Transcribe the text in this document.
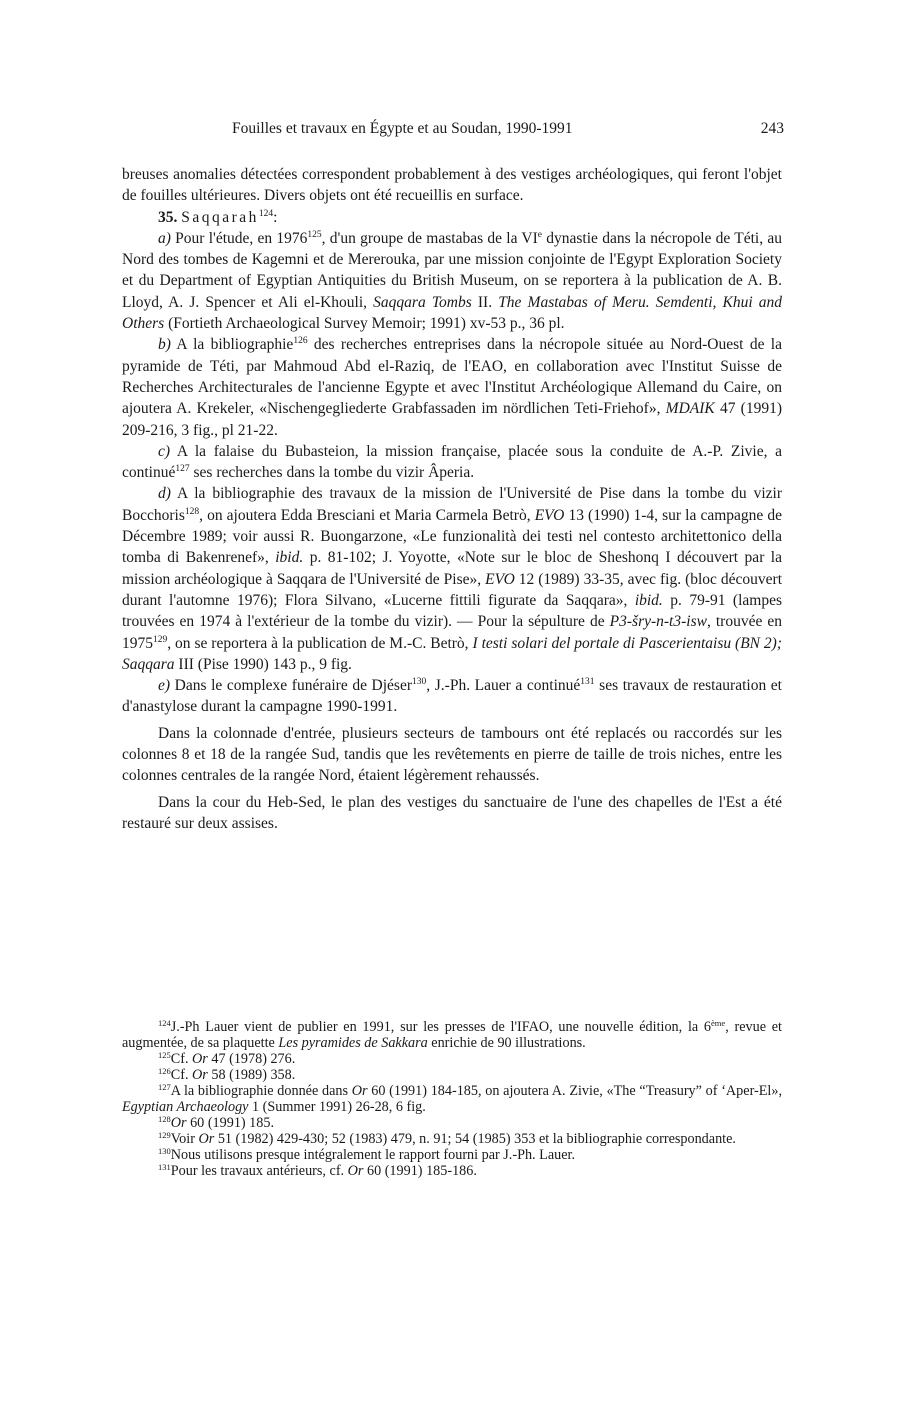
Fouilles et travaux en Égypte et au Soudan, 1990-1991	243

breuses anomalies détectées correspondent probablement à des vestiges archéologiques, qui feront l'objet de fouilles ultérieures. Divers objets ont été recueillis en surface.

35. Saqqarah$^{124}$:

a) Pour l'étude, en 1976$^{125}$, d'un groupe de mastabas de la VIe dynastie dans la nécropole de Téti, au Nord des tombes de Kagemni et de Mererouka, par une mission conjointe de l'Egypt Exploration Society et du Department of Egyptian Antiquities du British Museum, on se reportera à la publication de A. B. Lloyd, A. J. Spencer et Ali el-Khouli, Saqqara Tombs II. The Mastabas of Meru. Semdenti, Khui and Others (Fortieth Archaeological Survey Memoir; 1991) xv-53 p., 36 pl.

b) A la bibliographie$^{126}$ des recherches entreprises dans la nécropole située au Nord-Ouest de la pyramide de Téti, par Mahmoud Abd el-Raziq, de l'EAO, en collaboration avec l'Institut Suisse de Recherches Architecturales de l'ancienne Egypte et avec l'Institut Archéologique Allemand du Caire, on ajoutera A. Krekeler, «Nischengegliederte Grabfassaden im nördlichen Teti-Friehof», MDAIK 47 (1991) 209-216, 3 fig., pl 21-22.

c) A la falaise du Bubasteion, la mission française, placée sous la conduite de A.-P. Zivie, a continué$^{127}$ ses recherches dans la tombe du vizir Âperia.

d) A la bibliographie des travaux de la mission de l'Université de Pise dans la tombe du vizir Bocchoris$^{128}$, on ajoutera Edda Bresciani et Maria Carmela Betrò, EVO 13 (1990) 1-4, sur la campagne de Décembre 1989; voir aussi R. Buongarzone, «Le funzionalità dei testi nel contesto architettonico della tomba di Bakenrenef», ibid. p. 81-102; J. Yoyotte, «Note sur le bloc de Sheshonq I découvert par la mission archéologique à Saqqara de l'Université de Pise», EVO 12 (1989) 33-35, avec fig. (bloc découvert durant l'automne 1976); Flora Silvano, «Lucerne fittili figurate da Saqqara», ibid. p. 79-91 (lampes trouvées en 1974 à l'extérieur de la tombe du vizir). — Pour la sépulture de P3-šry-n-t3-isw, trouvée en 1975$^{129}$, on se reportera à la publication de M.-C. Betrò, I testi solari del portale di Pascerientaisu (BN 2); Saqqara III (Pise 1990) 143 p., 9 fig.

e) Dans le complexe funéraire de Djéser$^{130}$, J.-Ph. Lauer a continué$^{131}$ ses travaux de restauration et d'anastylose durant la campagne 1990-1991.

Dans la colonnade d'entrée, plusieurs secteurs de tambours ont été replacés ou raccordés sur les colonnes 8 et 18 de la rangée Sud, tandis que les revêtements en pierre de taille de trois niches, entre les colonnes centrales de la rangée Nord, étaient légèrement rehaussés.

Dans la cour du Heb-Sed, le plan des vestiges du sanctuaire de l'une des chapelles de l'Est a été restauré sur deux assises.

$^{124}$J.-Ph Lauer vient de publier en 1991, sur les presses de l'IFAO, une nouvelle édition, la 6ème, revue et augmentée, de sa plaquette Les pyramides de Sakkara enrichie de 90 illustrations.

$^{125}$Cf. Or 47 (1978) 276.

$^{126}$Cf. Or 58 (1989) 358.

$^{127}$A la bibliographie donnée dans Or 60 (1991) 184-185, on ajoutera A. Zivie, «The “Treasury” of ‘Aper-El», Egyptian Archaeology 1 (Summer 1991) 26-28, 6 fig.

$^{128}$Or 60 (1991) 185.

$^{129}$Voir Or 51 (1982) 429-430; 52 (1983) 479, n. 91; 54 (1985) 353 et la bibliographie correspondante.

$^{130}$Nous utilisons presque intégralement le rapport fourni par J.-Ph. Lauer.

$^{131}$Pour les travaux antérieurs, cf. Or 60 (1991) 185-186.
